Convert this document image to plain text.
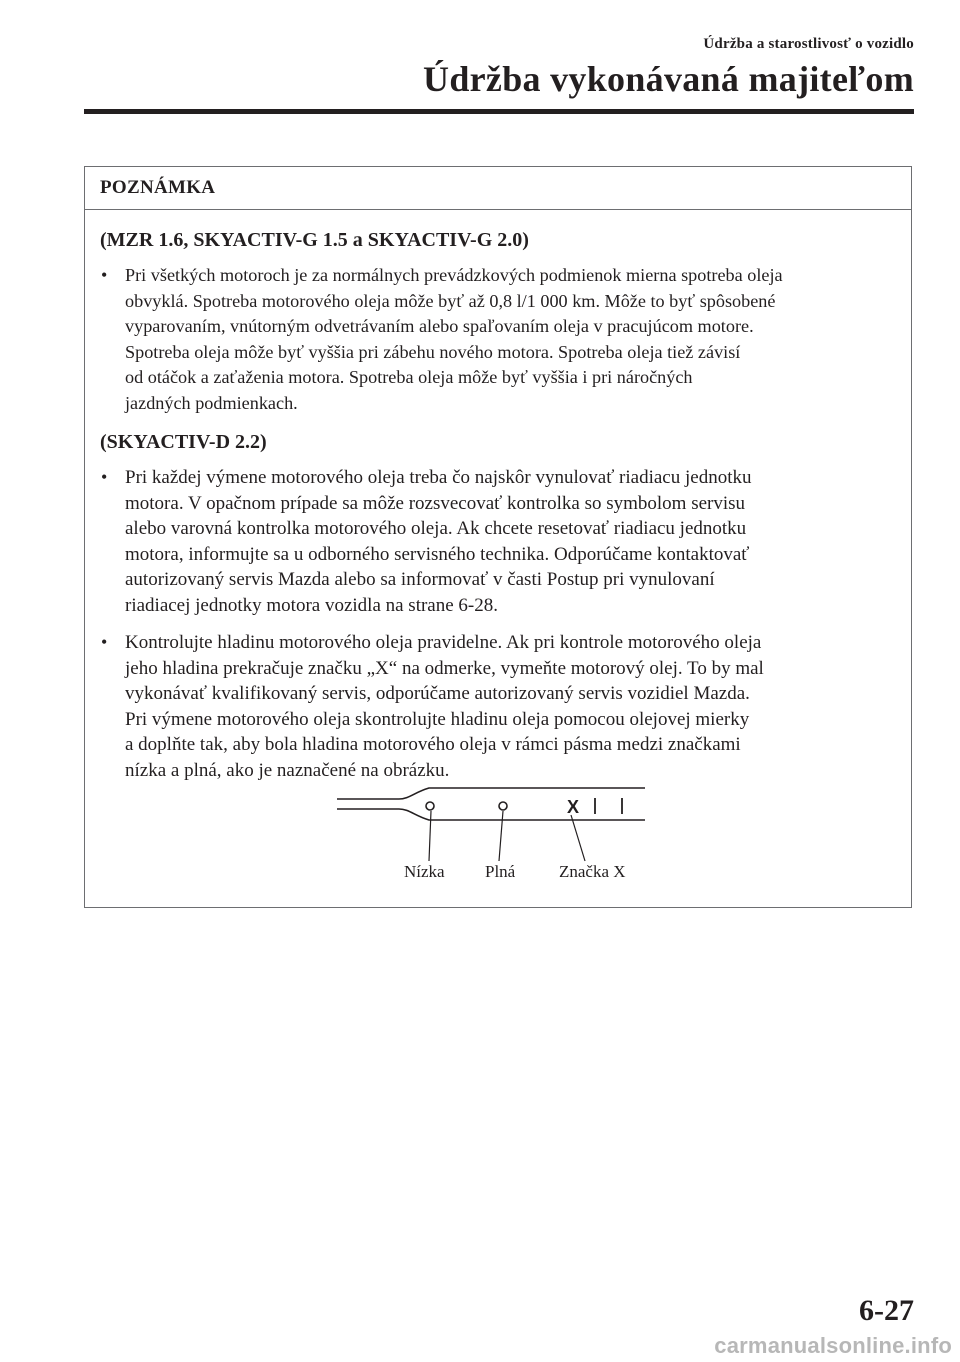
Údržba a starostlivosť o vozidlo
Údržba vykonávaná majiteľom
POZNÁMKA
(MZR 1.6, SKYACTIV-G 1.5 a SKYACTIV-G 2.0)

• Pri všetkých motoroch je za normálnych prevádzkových podmienok mierna spotreba oleja

obvyklá. Spotreba motorového oleja môže byť až 0,8 l/1 000 km. Môže to byť spôsobené

vyparovaním, vnútorným odvetrávaním alebo spaľovaním oleja v pracujúcom motore.

Spotreba oleja môže byť vyššia pri zábehu nového motora. Spotreba oleja tiež závisí

od otáčok a zaťaženia motora. Spotreba oleja môže byť vyššia i pri náročných

jazdných podmienkach.

(SKYACTIV-D 2.2)

• Pri každej výmene motorového oleja treba čo najskôr vynulovať riadiacu jednotku

motora. V opačnom prípade sa môže rozsvecovať kontrolka so symbolom servisu

alebo varovná kontrolka motorového oleja. Ak chcete resetovať riadiacu jednotku

motora, informujte sa u odborného servisného technika. Odporúčame kontaktovať

autorizovaný servis Mazda alebo sa informovať v časti Postup pri vynulovaní

riadiacej jednotky motora vozidla na strane 6-28.

• Kontrolujte hladinu motorového oleja pravidelne. Ak pri kontrole motorového oleja

jeho hladina prekračuje značku „X“ na odmerke, vymeňte motorový olej. To by mal

vykonávať kvalifikovaný servis, odporúčame autorizovaný servis vozidiel Mazda.

Pri výmene motorového oleja skontrolujte hladinu oleja pomocou olejovej mierky

a doplňte tak, aby bola hladina motorového oleja v rámci pásma medzi značkami

nízka a plná, ako je naznačené na obrázku.

X
Nízka Plná	Značka X
6-27
carmanualsonline.info
